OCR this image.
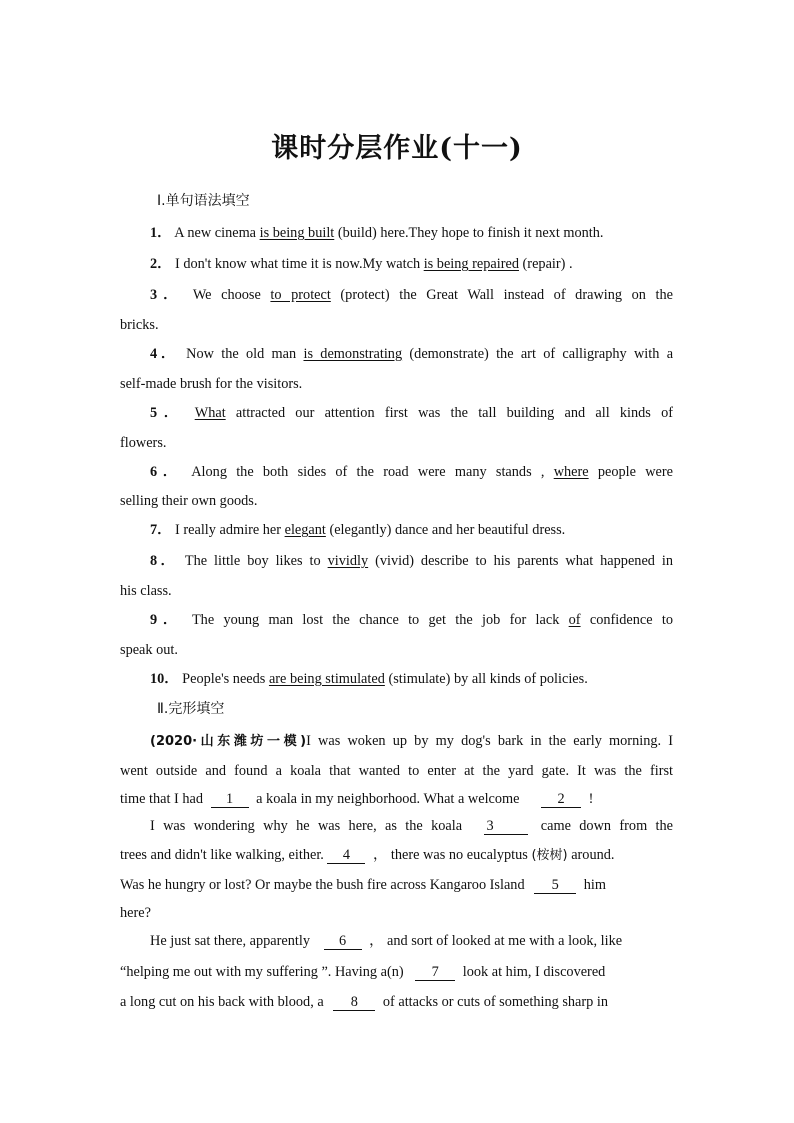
课时分层作业(十一)
Ⅰ.单句语法填空
1． A new cinema is being built (build) here.They hope to finish it next month.
2． I don't know what time it is now.My watch is being repaired (repair) .
3． We choose to protect (protect) the Great Wall instead of drawing on the
bricks.
4． Now the old man is demonstrating (demonstrate) the art of calligraphy with a
self-made brush for the visitors.
5． What attracted our attention first was the tall building and all kinds of
flowers.
6． Along the both sides of the road were many stands , where people were
selling their own goods.
7． I really admire her elegant (elegantly) dance and her beautiful dress.
8． The little boy likes to vividly (vivid) describe to his parents what happened in
his class.
9． The young man lost the chance to get the job for lack of confidence to
speak out.
10． People's needs are being stimulated (stimulate) by all kinds of policies.
Ⅱ.完形填空
(2020·山东潍坊一模)I was woken up by my dog's bark in the early morning. I
went outside and found a koala that wanted to enter at the yard gate. It was the first
time that I had 1 a koala in my neighborhood. What a welcome	2 !
I was wondering why he was here, as the koala 3	came down from the
trees and didn't like walking, either. 4 ， there was no eucalyptus (桉树) around.
Was he hungry or lost? Or maybe the bush fire across Kangaroo Island 5 him
here?
He just sat there, apparently 6 ， and sort of looked at me with a look, like
“helping me out with my suffering ”. Having a(n) 7 look at him, I discovered
a long cut on his back with blood, a 8 of attacks or cuts of something sharp in
